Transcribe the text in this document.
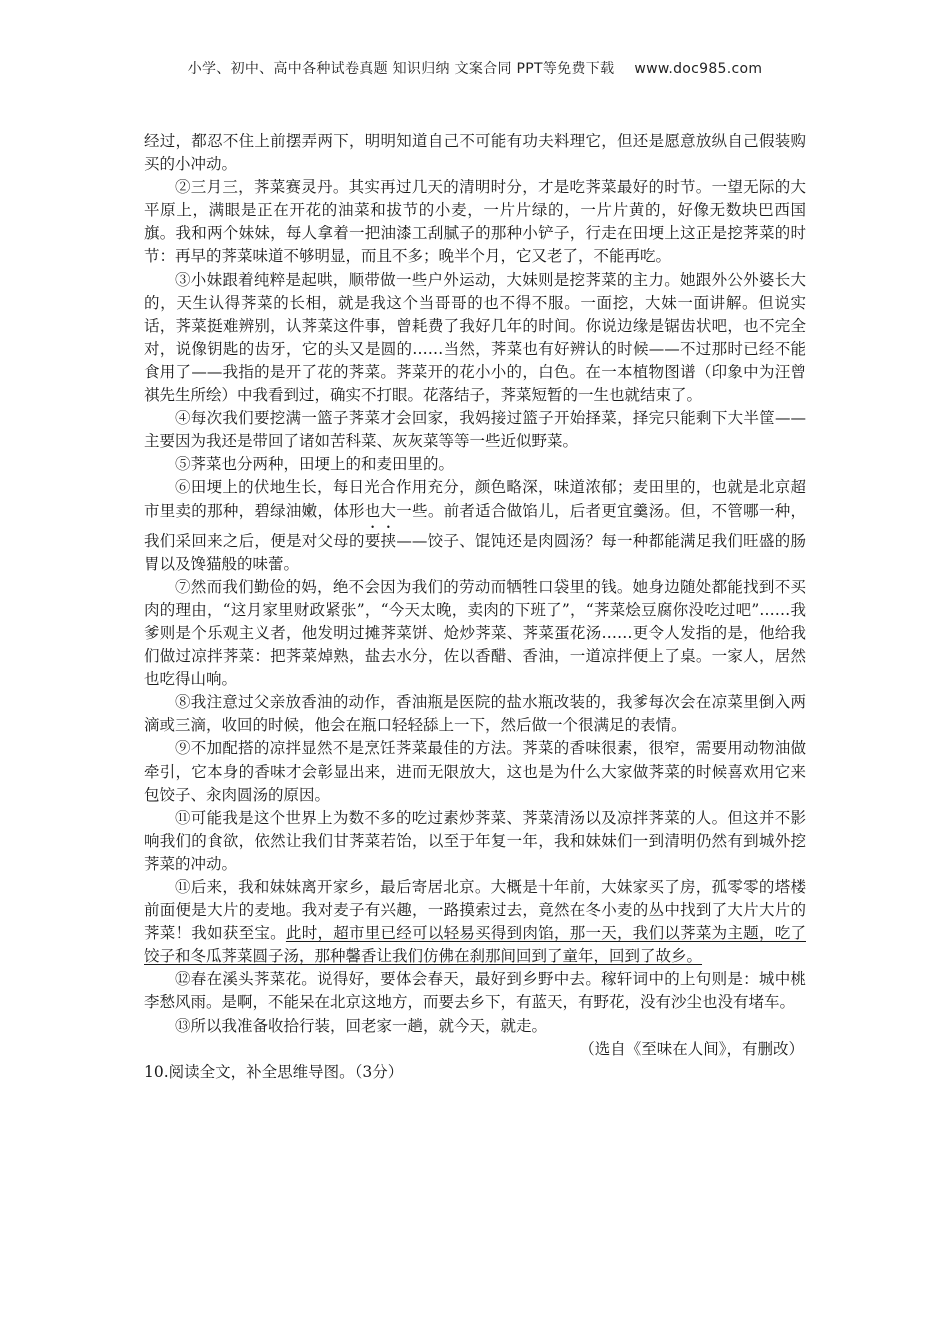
小学、初中、高中各种试卷真题 知识归纳 文案合同 PPT等免费下载 www.doc985.com

经过，都忍不住上前摆弄两下，明明知道自己不可能有功夫料理它，但还是愿意放纵自己假装购买的小冲动。

②三月三，荠菜赛灵丹。其实再过几天的清明时分，才是吃荠菜最好的时节。一望无际的大平原上，满眼是正在开花的油菜和拔节的小麦，一片片绿的，一片片黄的，好像无数块巴西国旗。我和两个妹妹，每人拿着一把油漆工刮腻子的那种小铲子，行走在田埂上这正是挖荠菜的时节：再早的荠菜味道不够明显，而且不多；晚半个月，它又老了，不能再吃。

③小妹跟着纯粹是起哄，顺带做一些户外运动，大妹则是挖荠菜的主力。她跟外公外婆长大的，天生认得荠菜的长相，就是我这个当哥哥的也不得不服。一面挖，大妹一面讲解。但说实话，荠菜挺难辨别，认荠菜这件事，曾耗费了我好几年的时间。你说边缘是锯齿状吧，也不完全对，说像钥匙的齿牙，它的头又是圆的……当然，荠菜也有好辨认的时候——不过那时已经不能食用了——我指的是开了花的荠菜。荠菜开的花小小的，白色。在一本植物图谱（印象中为汪曾祺先生所绘）中我看到过，确实不打眼。花落结子，荠菜短暂的一生也就结束了。

④每次我们要挖满一篮子荠菜才会回家，我妈接过篮子开始择菜，择完只能剩下大半筐——主要因为我还是带回了诸如苦科菜、灰灰菜等等一些近似野菜。

⑤荠菜也分两种，田埂上的和麦田里的。

⑥田埂上的伏地生长，每日光合作用充分，颜色略深，味道浓郁；麦田里的，也就是北京超市里卖的那种，碧绿油嫩，体形也大一些。前者适合做馅儿，后者更宜羹汤。但，不管哪一种，我们采回来之后，便是对父母的要挟——饺子、馄饨还是肉圆汤？每一种都能满足我们旺盛的肠胃以及馋猫般的味蕾。

⑦然而我们勤俭的妈，绝不会因为我们的劳动而牺牲口袋里的钱。她身边随处都能找到不买肉的理由，“这月家里财政紧张”，“今天太晚，卖肉的下班了”，“荠菜烩豆腐你没吃过吧”……我爹则是个乐观主义者，他发明过摊荠菜饼、炝炒荠菜、荠菜蛋花汤……更令人发指的是，他给我们做过凉拌荠菜：把荠菜焯熟，盐去水分，佐以香醋、香油，一道凉拌便上了桌。一家人，居然也吃得山响。

⑧我注意过父亲放香油的动作，香油瓶是医院的盐水瓶改装的，我爹每次会在凉菜里倒入两滴或三滴，收回的时候，他会在瓶口轻轻舔上一下，然后做一个很满足的表情。

⑨不加配搭的凉拌显然不是烹饪荠菜最佳的方法。荠菜的香味很素，很窄，需要用动物油做牵引，它本身的香味才会彰显出来，进而无限放大，这也是为什么大家做荠菜的时候喜欢用它来包饺子、汆肉圆汤的原因。

⑪可能我是这个世界上为数不多的吃过素炒荠菜、荠菜清汤以及凉拌荠菜的人。但这并不影响我们的食欲，依然让我们甘荠菜若饴，以至于年复一年，我和妹妹们一到清明仍然有到城外挖荠菜的冲动。

⑪后来，我和妹妹离开家乡，最后寄居北京。大概是十年前，大妹家买了房，孤零零的塔楼前面便是大片的麦地。我对麦子有兴趣，一路摸索过去，竟然在冬小麦的丛中找到了大片大片的荠菜！我如获至宝。此时，超市里已经可以轻易买得到肉馅，那一天，我们以荠菜为主题，吃了饺子和冬瓜荠菜圆子汤，那种馨香让我们仿佛在刹那间回到了童年，回到了故乡。

⑫春在溪头荠菜花。说得好，要体会春天，最好到乡野中去。稼轩词中的上句则是：城中桃李愁风雨。是啊，不能呆在北京这地方，而要去乡下，有蓝天，有野花，没有沙尘也没有堵车。

⑬所以我准备收拾行装，回老家一趟，就今天，就走。

（选自《至味在人间》，有删改）

10.阅读全文，补全思维导图。（3分）
